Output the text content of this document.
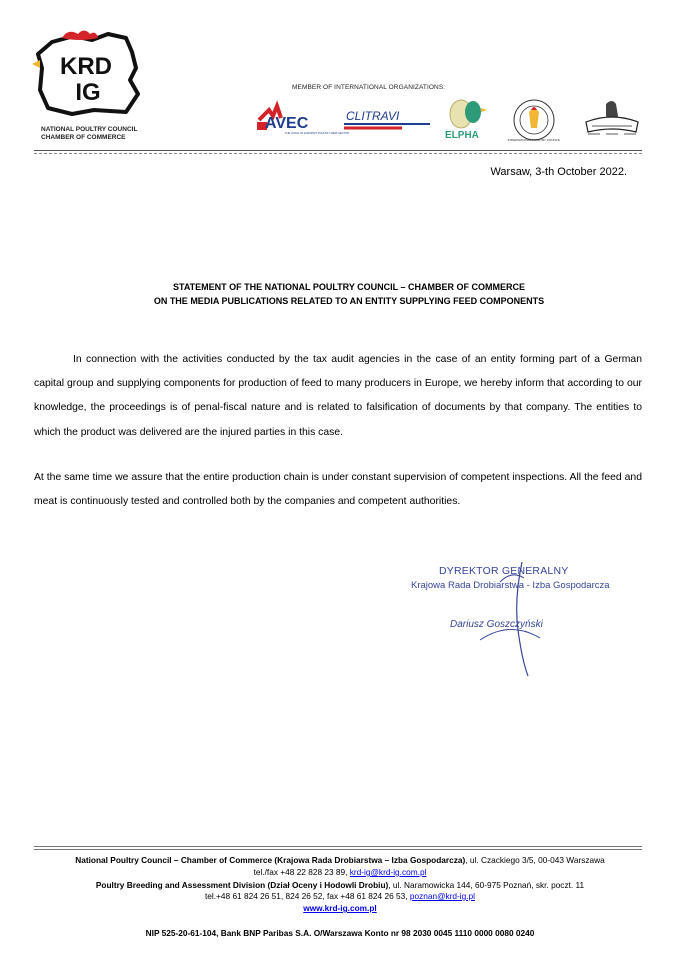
KRD
IG
NATIONAL POULTRY COUNCIL
CHAMBER OF COMMERCE
MEMBER OF INTERNATIONAL ORGANIZATIONS:
AVEC
THE VOICE OF EUROPE'S POULTRY MEAT SECTOR
CLITRAVI
ELPHA	INTERNATIONAL POULTRY COUNCIL
Warsaw, 3-th October 2022.
STATEMENT OF THE NATIONAL POULTRY COUNCIL – CHAMBER OF COMMERCE
ON THE MEDIA PUBLICATIONS RELATED TO AN ENTITY SUPPLYING FEED COMPONENTS
In connection with the activities conducted by the tax audit agencies in the case of an entity forming part of a German capital group and supplying components for production of feed to many producers in Europe, we hereby inform that according to our knowledge, the proceedings is of penal-fiscal nature and is related to falsification of documents by that company. The entities to which the product was delivered are the injured parties in this case.
At the same time we assure that the entire production chain is under constant supervision of competent inspections. All the feed and meat is continuously tested and controlled both by the companies and competent authorities.
DYREKTOR GENERALNY
Krajowa Rada Drobiarstwa - Izba Gospodarcza
Dariusz Goszczyński
National Poultry Council – Chamber of Commerce (Krajowa Rada Drobiarstwa – Izba Gospodarcza), ul. Czackiego 3/5, 00-043 Warszawa
tel./fax +48 22 828 23 89, krd-ig@krd-ig.com.pl
Poultry Breeding and Assessment Division (Dział Oceny i Hodowli Drobiu), ul. Naramowicka 144, 60-975 Poznań, skr. poczt. 11
tel.+48 61 824 26 51, 824 26 52, fax +48 61 824 26 53, poznan@krd-ig.pl
www.krd-ig.com.pl
NIP 525-20-61-104, Bank BNP Paribas S.A. O/Warszawa Konto nr 98 2030 0045 1110 0000 0080 0240
